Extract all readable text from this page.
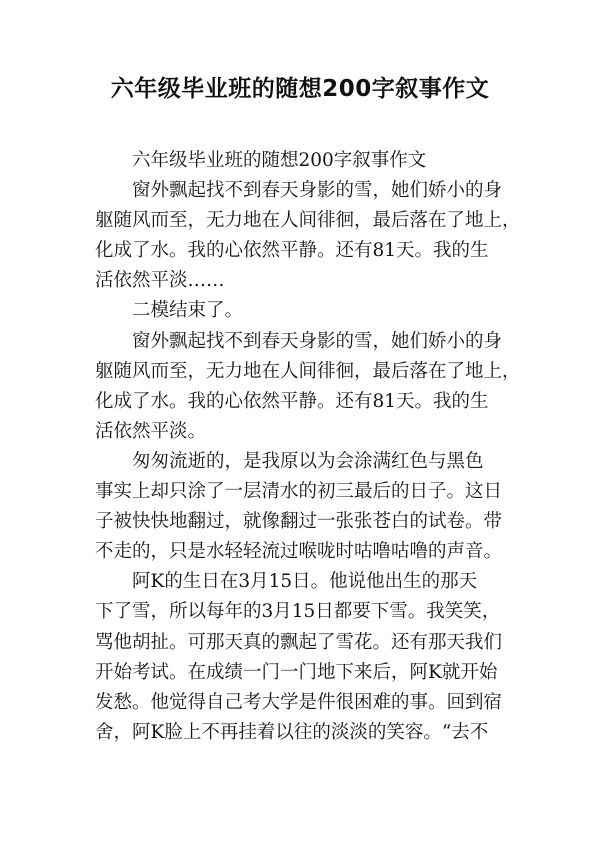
六年级毕业班的随想200字叙事作文
　　六年级毕业班的随想200字叙事作文
　　窗外飘起找不到春天身影的雪，她们娇小的身
躯随风而至，无力地在人间徘徊，最后落在了地上，
化成了水。我的心依然平静。还有81天。我的生
活依然平淡……
　　二模结束了。
　　窗外飘起找不到春天身影的雪，她们娇小的身
躯随风而至，无力地在人间徘徊，最后落在了地上，
化成了水。我的心依然平静。还有81天。我的生
活依然平淡。
　　匆匆流逝的，是我原以为会涂满红色与黑色
事实上却只涂了一层清水的初三最后的日子。这日
子被快快地翻过，就像翻过一张张苍白的试卷。带
不走的，只是水轻轻流过喉咙时咕噜咕噜的声音。
　　阿K的生日在3月15日。他说他出生的那天
下了雪，所以每年的3月15日都要下雪。我笑笑，
骂他胡扯。可那天真的飘起了雪花。还有那天我们
开始考试。在成绩一门一门地下来后，阿K就开始
发愁。他觉得自己考大学是件很困难的事。回到宿
舍，阿K脸上不再挂着以往的淡淡的笑容。“去不
